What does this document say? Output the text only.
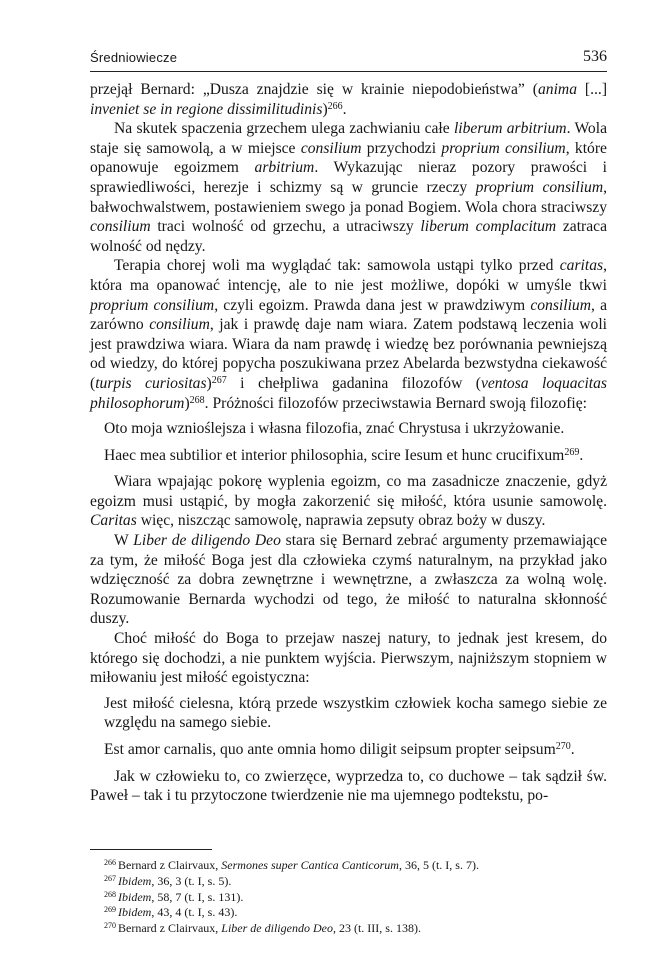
Średniowiecze	536

przejął Bernard: „Dusza znajdzie się w krainie niepodobieństwa” (anima [...] inveniet se in regione dissimilitudinis)$^{266}$.

Na skutek spaczenia grzechem ulega zachwianiu całe liberum arbitrium. Wola staje się samowolą, a w miejsce consilium przychodzi proprium consilium, które opanowuje egoizmem arbitrium. Wykazując nieraz pozory prawości i sprawiedliwości, herezje i schizmy są w gruncie rzeczy proprium consilium, bałwochwalstwem, postawieniem swego ja ponad Bogiem. Wola chora straciwszy consilium traci wolność od grzechu, a utraciwszy liberum complacitum zatraca wolność od nędzy.

Terapia chorej woli ma wyglądać tak: samowola ustąpi tylko przed caritas, która ma opanować intencję, ale to nie jest możliwe, dopóki w umyśle tkwi proprium consilium, czyli egoizm. Prawda dana jest w prawdziwym consilium, a zarówno consilium, jak i prawdę daje nam wiara. Zatem podstawą leczenia woli jest prawdziwa wiara. Wiara da nam prawdę i wiedzę bez porównania pewniejszą od wiedzy, do której popycha poszukiwana przez Abelarda bezwstydna ciekawość (turpis curiositas)$^{267}$ i chełpliwa gadanina filozofów (ventosa loquacitas philosophorum)$^{268}$. Próżności filozofów przeciwstawia Bernard swoją filozofię:

Oto moja wznioślejsza i własna filozofia, znać Chrystusa i ukrzyżowanie.

Haec mea subtilior et interior philosophia, scire Iesum et hunc crucifixum$^{269}$.

Wiara wpajając pokorę wyplenia egoizm, co ma zasadnicze znaczenie, gdyż egoizm musi ustąpić, by mogła zakorzenić się miłość, która usunie samowolę. Caritas więc, niszcząc samowolę, naprawia zepsuty obraz boży w duszy.

W Liber de diligendo Deo stara się Bernard zebrać argumenty przemawiające za tym, że miłość Boga jest dla człowieka czymś naturalnym, na przykład jako wdzięczność za dobra zewnętrzne i wewnętrzne, a zwłaszcza za wolną wolę. Rozumowanie Bernarda wychodzi od tego, że miłość to naturalna skłonność duszy.

Choć miłość do Boga to przejaw naszej natury, to jednak jest kresem, do którego się dochodzi, a nie punktem wyjścia. Pierwszym, najniższym stopniem w miłowaniu jest miłość egoistyczna:

Jest miłość cielesna, którą przede wszystkim człowiek kocha samego siebie ze względu na samego siebie.

Est amor carnalis, quo ante omnia homo diligit seipsum propter seipsum$^{270}$.

Jak w człowieku to, co zwierzęce, wyprzedza to, co duchowe – tak sądził św. Paweł – tak i tu przytoczone twierdzenie nie ma ujemnego podtekstu, po-

$^{266}$ Bernard z Clairvaux, Sermones super Cantica Canticorum, 36, 5 (t. I, s. 7).

$^{267}$ Ibidem, 36, 3 (t. I, s. 5).

$^{268}$ Ibidem, 58, 7 (t. I, s. 131).

$^{269}$ Ibidem, 43, 4 (t. I, s. 43).

$^{270}$ Bernard z Clairvaux, Liber de diligendo Deo, 23 (t. III, s. 138).
